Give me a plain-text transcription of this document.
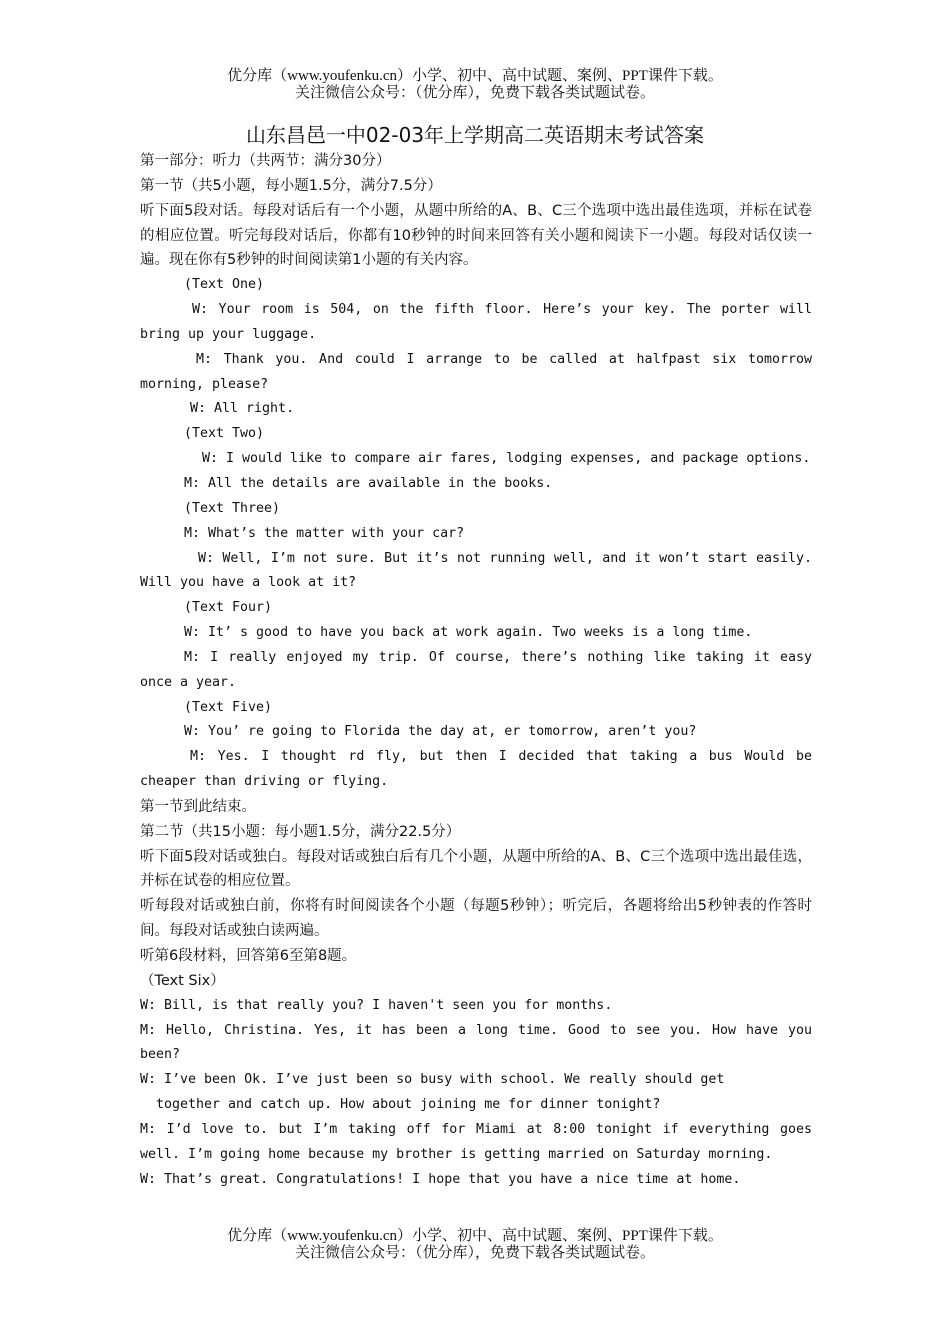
优分库（www.youfenku.cn）小学、初中、高中试题、案例、PPT课件下载。
关注微信公众号：（优分库），免费下载各类试题试卷。
山东昌邑一中02-03年上学期高二英语期末考试答案

第一部分：听力（共两节：满分30分）

第一节（共5小题，每小题1.5分，满分7.5分）

听下面5段对话。每段对话后有一个小题，从题中所给的A、B、C三个选项中选出最佳选项，并标在试卷的相应位置。听完每段对话后，你都有10秒钟的时间来回答有关小题和阅读下一小题。每段对话仅读一遍。现在你有5秒钟的时间阅读第1小题的有关内容。

(Text One)

W: Your room is 504, on the fifth floor. Here’s your key. The porter will bring up your luggage.

M: Thank you. And could I arrange to be called at halfpast six tomorrow morning, please?

W: All right.

(Text Two)

W: I would like to compare air fares, lodging expenses, and package options.

M: All the details are available in the books.

(Text Three)

M: What’s the matter with your car?

W: Well, I’m not sure. But it’s not running well, and it won’t start easily. Will you have a look at it?

(Text Four)

W: It’ s good to have you back at work again. Two weeks is a long time.

M: I really enjoyed my trip. Of course, there’s nothing like taking it easy once a year.

(Text Five)

W: You’ re going to Florida the day at, er tomorrow, aren’t you?

M: Yes. I thought rd fly, but then I decided that taking a bus Would be cheaper than driving or flying.

第一节到此结束。

第二节（共15小题：每小题1.5分，满分22.5分）

听下面5段对话或独白。每段对话或独白后有几个小题，从题中所给的A、B、C三个选项中选出最佳选，并标在试卷的相应位置。

听每段对话或独白前，你将有时间阅读各个小题（每题5秒钟）；听完后，各题将给出5秒钟表的作答时间。每段对话或独白读两遍。

听第6段材料，回答第6至第8题。

（Text Six）

W: Bill, is that really you? I haven't seen you for months.

M: Hello, Christina. Yes, it has been a long time. Good to see you. How have you been?

W: I’ve been Ok. I’ve just been so busy with school. We really should get

together and catch up. How about joining me for dinner tonight?

M: I’d love to. but I’m taking off for Miami at 8:00 tonight if everything goes well. I’m going home because my brother is getting married on Saturday morning.

W: That’s great. Congratulations! I hope that you have a nice time at home.

优分库（www.youfenku.cn）小学、初中、高中试题、案例、PPT课件下载。
关注微信公众号：（优分库），免费下载各类试题试卷。
